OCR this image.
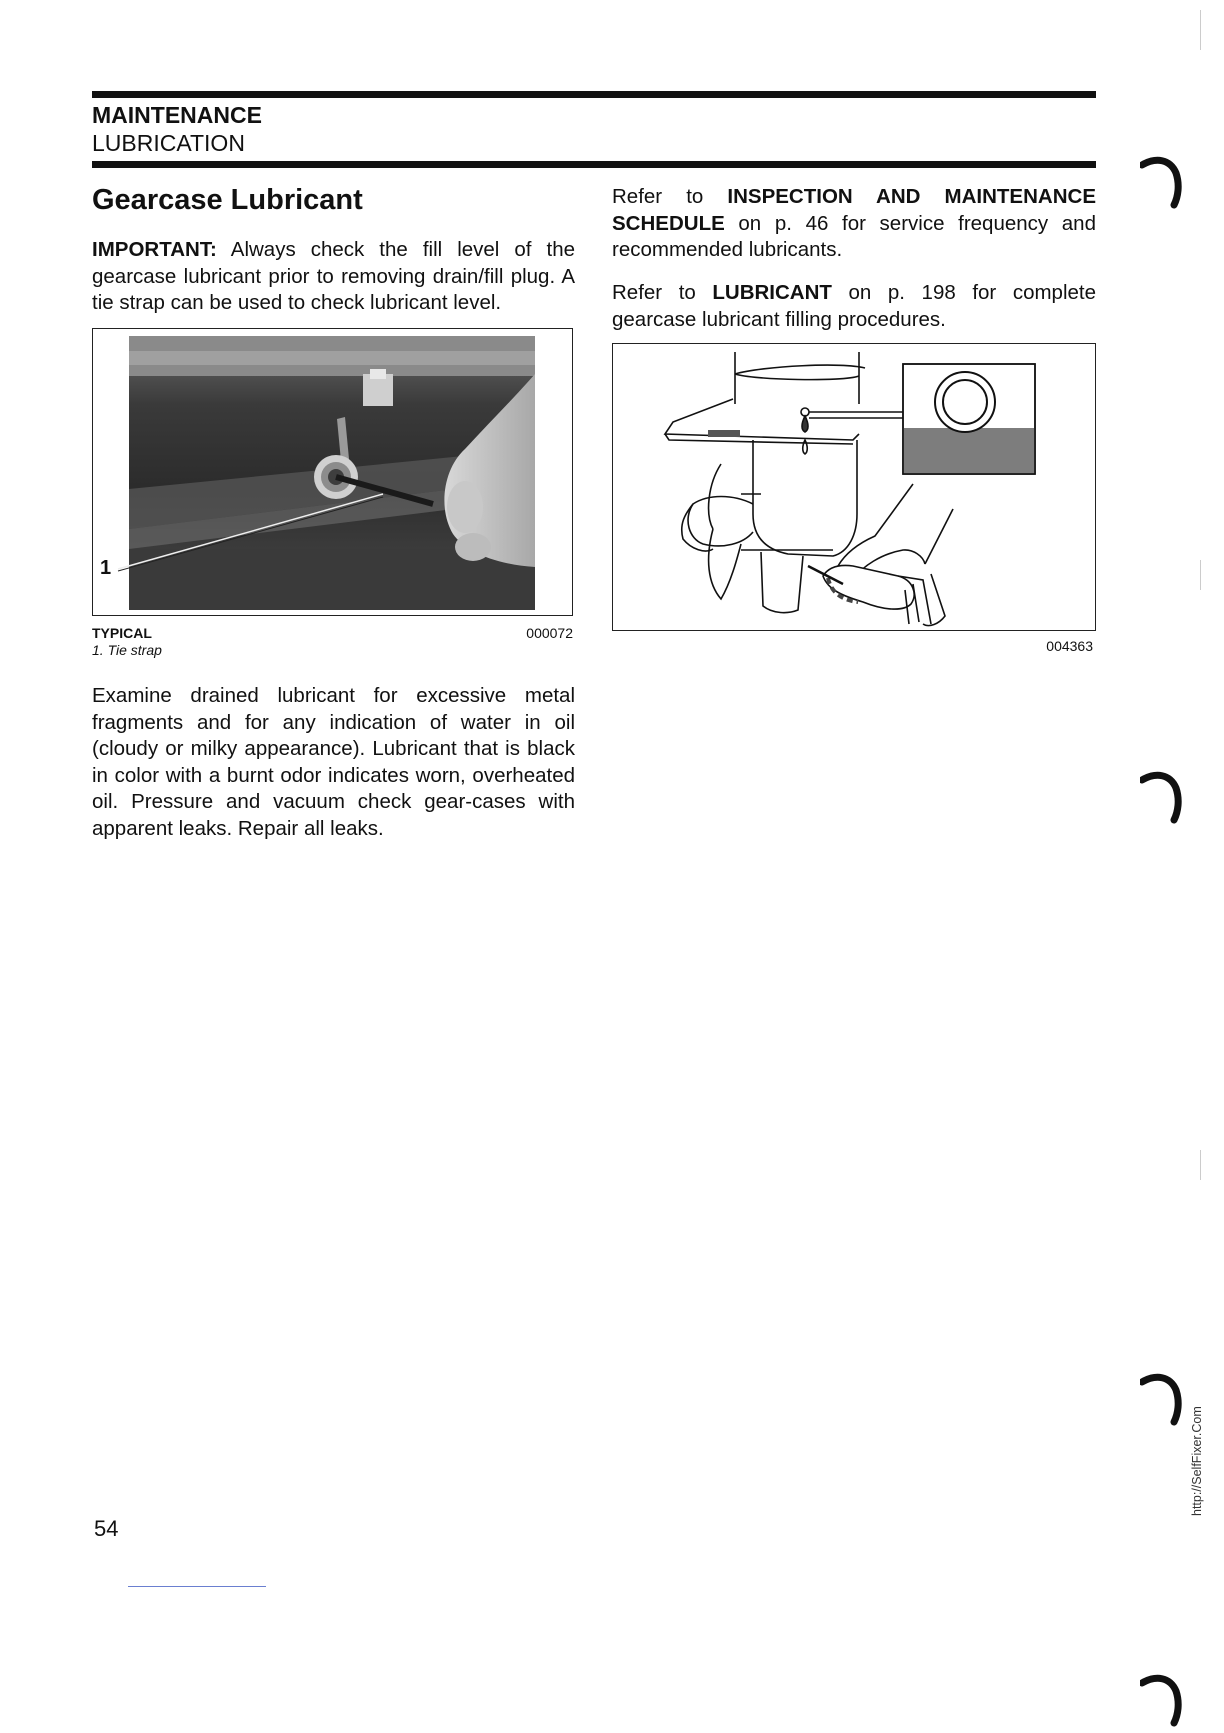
MAINTENANCE
LUBRICATION
Gearcase Lubricant

IMPORTANT: Always check the fill level of the gearcase lubricant prior to removing drain/fill plug. A tie strap can be used to check lubricant level.

1
TYPICAL	000072
1. Tie strap

Examine drained lubricant for excessive metal fragments and for any indication of water in oil (cloudy or milky appearance). Lubricant that is black in color with a burnt odor indicates worn, overheated oil. Pressure and vacuum check gear-cases with apparent leaks. Repair all leaks.

Refer to INSPECTION AND MAINTENANCE SCHEDULE on p. 46 for service frequency and recommended lubricants.

Refer to LUBRICANT on p. 198 for complete gearcase lubricant filling procedures.

004363
54
http://SelfFixer.Com
